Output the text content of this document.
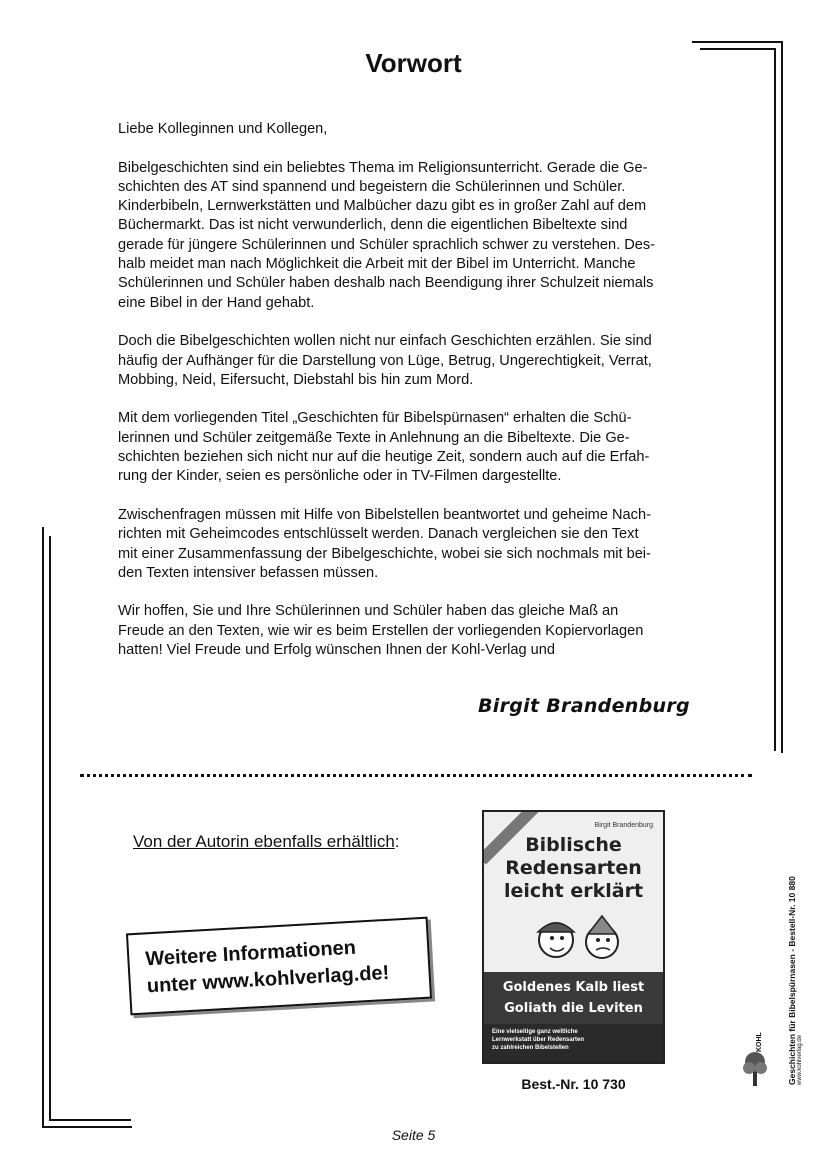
Vorwort

Liebe Kolleginnen und Kollegen,

Bibelgeschichten sind ein beliebtes Thema im Religionsunterricht. Gerade die Ge-
schichten des AT sind spannend und begeistern die Schülerinnen und Schüler.
Kinderbibeln, Lernwerkstätten und Malbücher dazu gibt es in großer Zahl auf dem
Büchermarkt. Das ist nicht verwunderlich, denn die eigentlichen Bibeltexte sind
gerade für jüngere Schülerinnen und Schüler sprachlich schwer zu verstehen. Des-
halb meidet man nach Möglichkeit die Arbeit mit der Bibel im Unterricht. Manche
Schülerinnen und Schüler haben deshalb nach Beendigung ihrer Schulzeit niemals
eine Bibel in der Hand gehabt.

Doch die Bibelgeschichten wollen nicht nur einfach Geschichten erzählen. Sie sind
häufig der Aufhänger für die Darstellung von Lüge, Betrug, Ungerechtigkeit, Verrat,
Mobbing, Neid, Eifersucht, Diebstahl bis hin zum Mord.

Mit dem vorliegenden Titel „Geschichten für Bibelspürnasen“ erhalten die Schü-
lerinnen und Schüler zeitgemäße Texte in Anlehnung an die Bibeltexte. Die Ge-
schichten beziehen sich nicht nur auf die heutige Zeit, sondern auch auf die Erfah-
rung der Kinder, seien es persönliche oder in TV-Filmen dargestellte.

Zwischenfragen müssen mit Hilfe von Bibelstellen beantwortet und geheime Nach-
richten mit Geheimcodes entschlüsselt werden. Danach vergleichen sie den Text
mit einer Zusammenfassung der Bibelgeschichte, wobei sie sich nochmals mit bei-
den Texten intensiver befassen müssen.

Wir hoffen, Sie und Ihre Schülerinnen und Schüler haben das gleiche Maß an
Freude an den Texten, wie wir es beim Erstellen der vorliegenden Kopiervorlagen
hatten! Viel Freude und Erfolg wünschen Ihnen der Kohl-Verlag und

Birgit Brandenburg
Von der Autorin ebenfalls erhältlich:
Weitere Informationen
unter www.kohlverlag.de!
Birgit Brandenburg
Biblische
Redensarten
leicht erklärt
Goldenes Kalb liest
Goliath die Leviten
Eine vielseitige ganz weltliche
Lernwerkstatt über Redensarten
zu zahlreichen Bibelstellen
Best.-Nr. 10 730	Geschichten für Bibelspürnasen - Bestell-Nr. 10 880 www.kohlverlag.de
KOHL
Seite 5
